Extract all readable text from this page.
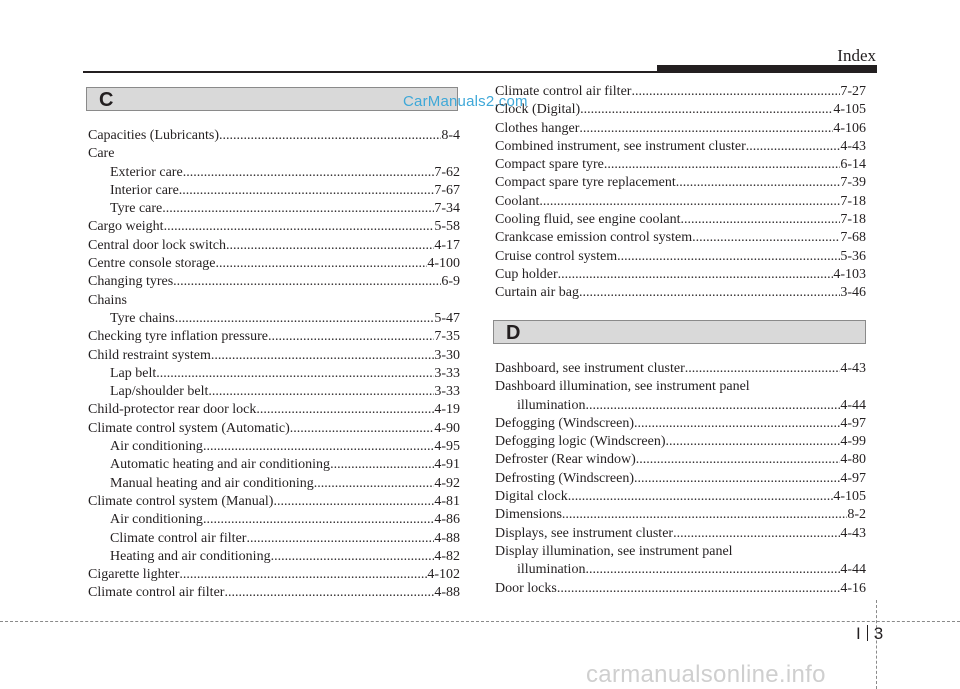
Index
C	CarManuals2.com
Capacities (Lubricants) .....	8-4
Care
Exterior care .....	7-62
Interior care .....	7-67
Tyre care .....	7-34
Cargo weight .....	5-58
Central door lock switch .....	4-17
Centre console storage .....	4-100
Changing tyres .....	6-9
Chains
Tyre chains .....	5-47
Checking tyre inflation pressure .....	7-35
Child restraint system .....	3-30
Lap belt .....	3-33
Lap/shoulder belt .....	3-33
Child-protector rear door lock .....	4-19
Climate control system (Automatic) .....	4-90
Air conditioning .....	4-95
Automatic heating and air conditioning .....	4-91
Manual heating and air conditioning .....	4-92
Climate control system (Manual) .....	4-81
Air conditioning .....	4-86
Climate control air filter .....	4-88
Heating and air conditioning .....	4-82
Cigarette lighter .....	4-102
Climate control air filter .....	4-88
Climate control air filter .....	7-27
Clock (Digital) .....	4-105
Clothes hanger .....	4-106
Combined instrument, see instrument cluster .....	4-43
Compact spare tyre .....	6-14
Compact spare tyre replacement .....	7-39
Coolant .....	7-18
Cooling fluid, see engine coolant .....	7-18
Crankcase emission control system .....	7-68
Cruise control system .....	5-36
Cup holder .....	4-103
Curtain air bag .....	3-46
D
Dashboard, see instrument cluster .....	4-43
Dashboard illumination, see instrument panel
illumination .....	4-44
Defogging (Windscreen) .....	4-97
Defogging logic (Windscreen) .....	4-99
Defroster (Rear window) .....	4-80
Defrosting (Windscreen) .....	4-97
Digital clock .....	4-105
Dimensions .....	8-2
Displays, see instrument cluster .....	4-43
Display illumination, see instrument panel
illumination .....	4-44
Door locks .....	4-16
I 3
carmanualsonline.info
